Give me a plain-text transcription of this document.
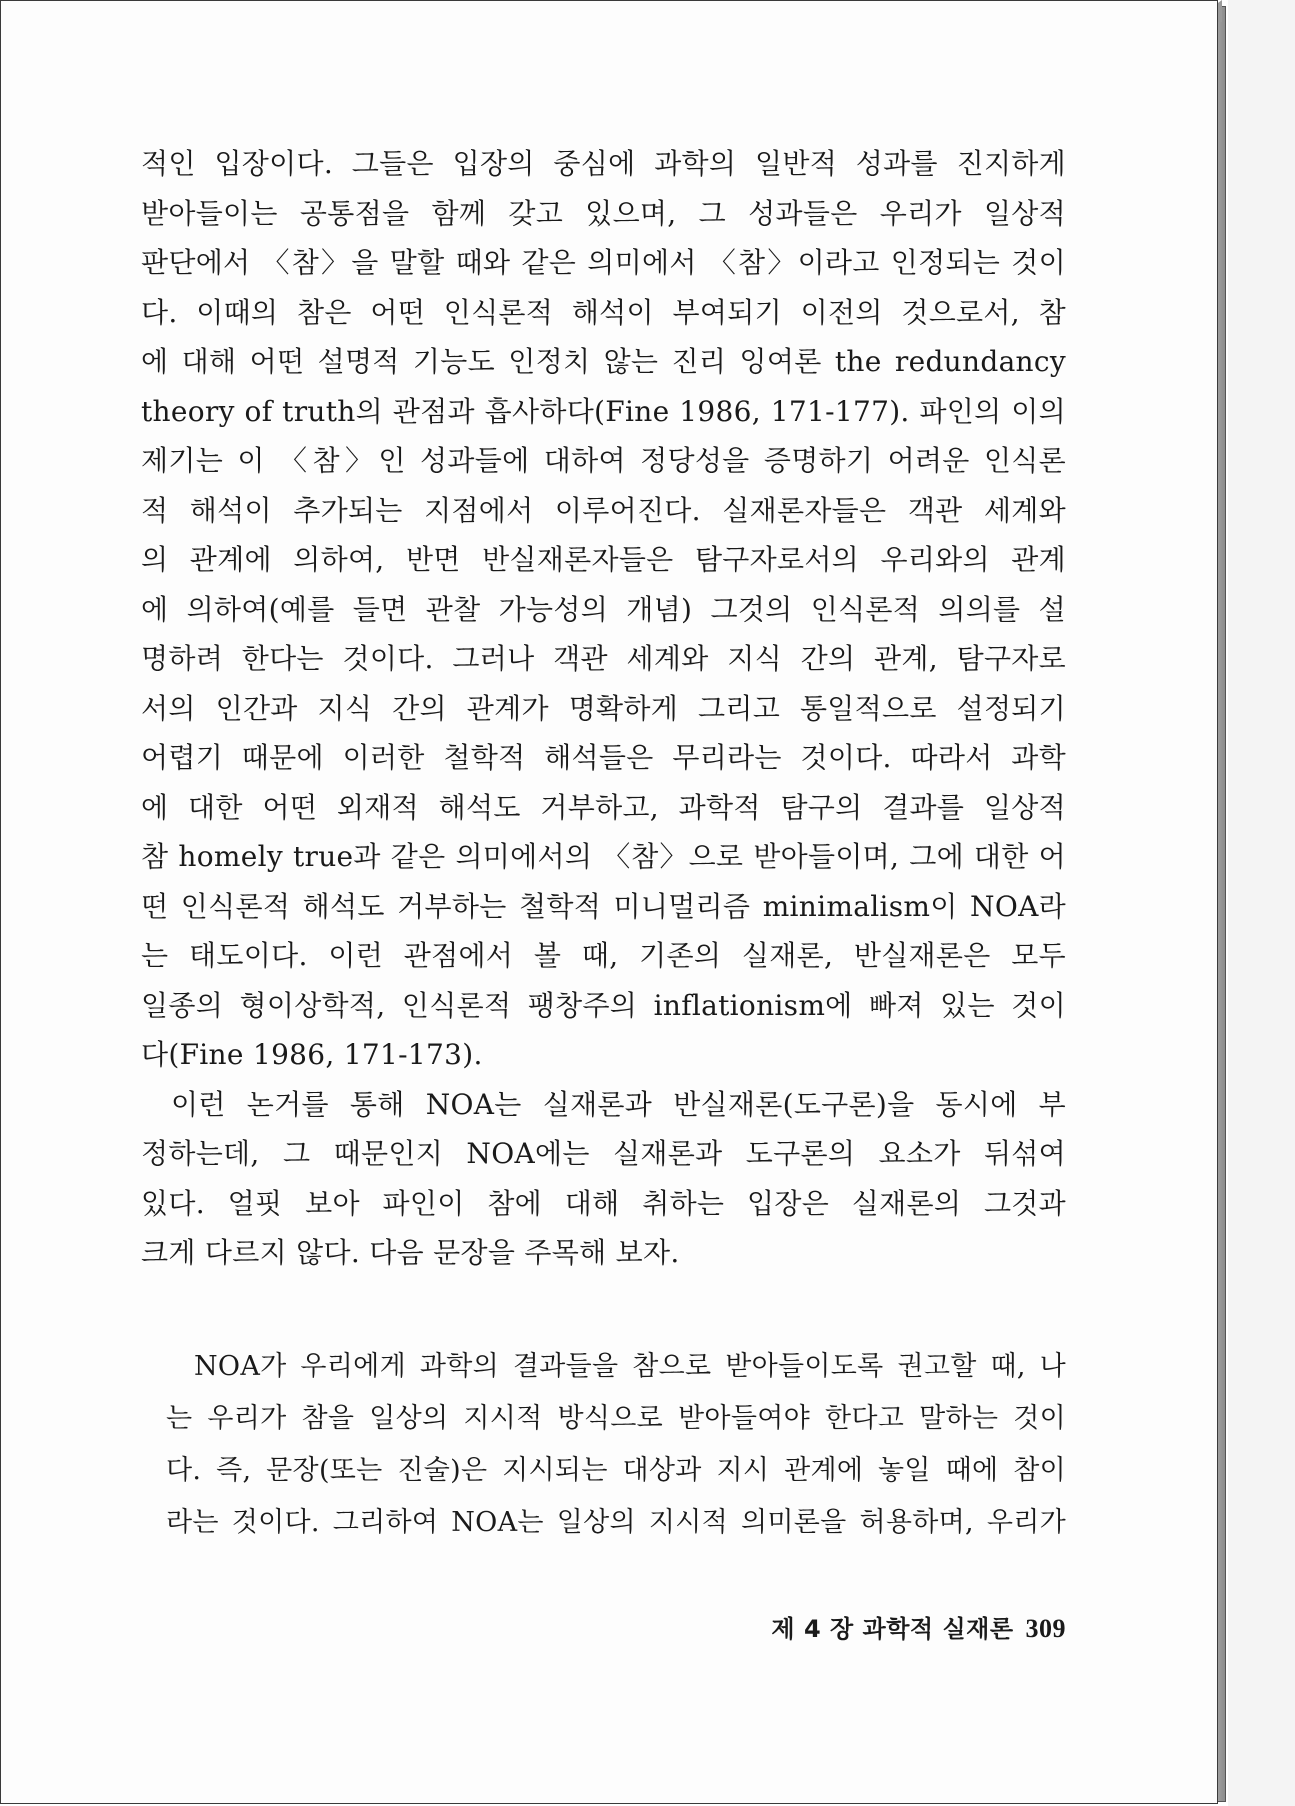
적인 입장이다. 그들은 입장의 중심에 과학의 일반적 성과를 진지하게
받아들이는 공통점을 함께 갖고 있으며, 그 성과들은 우리가 일상적
판단에서 〈참〉을 말할 때와 같은 의미에서 〈참〉이라고 인정되는 것이
다. 이때의 참은 어떤 인식론적 해석이 부여되기 이전의 것으로서, 참
에 대해 어떤 설명적 기능도 인정치 않는 진리 잉여론 the redundancy
theory of truth의 관점과 흡사하다(Fine 1986, 171-177). 파인의 이의
제기는 이 〈참〉인 성과들에 대하여 정당성을 증명하기 어려운 인식론
적 해석이 추가되는 지점에서 이루어진다. 실재론자들은 객관 세계와
의 관계에 의하여, 반면 반실재론자들은 탐구자로서의 우리와의 관계
에 의하여(예를 들면 관찰 가능성의 개념) 그것의 인식론적 의의를 설
명하려 한다는 것이다. 그러나 객관 세계와 지식 간의 관계, 탐구자로
서의 인간과 지식 간의 관계가 명확하게 그리고 통일적으로 설정되기
어렵기 때문에 이러한 철학적 해석들은 무리라는 것이다. 따라서 과학
에 대한 어떤 외재적 해석도 거부하고, 과학적 탐구의 결과를 일상적
참 homely true과 같은 의미에서의 〈참〉으로 받아들이며, 그에 대한 어
떤 인식론적 해석도 거부하는 철학적 미니멀리즘 minimalism이 NOA라
는 태도이다. 이런 관점에서 볼 때, 기존의 실재론, 반실재론은 모두
일종의 형이상학적, 인식론적 팽창주의 inflationism에 빠져 있는 것이
다(Fine 1986, 171-173).
이런 논거를 통해 NOA는 실재론과 반실재론(도구론)을 동시에 부
정하는데, 그 때문인지 NOA에는 실재론과 도구론의 요소가 뒤섞여
있다. 얼핏 보아 파인이 참에 대해 취하는 입장은 실재론의 그것과
크게 다르지 않다. 다음 문장을 주목해 보자.
NOA가 우리에게 과학의 결과들을 참으로 받아들이도록 권고할 때, 나
는 우리가 참을 일상의 지시적 방식으로 받아들여야 한다고 말하는 것이
다. 즉, 문장(또는 진술)은 지시되는 대상과 지시 관계에 놓일 때에 참이
라는 것이다. 그리하여 NOA는 일상의 지시적 의미론을 허용하며, 우리가
제 4 장 과학적 실재론 309
